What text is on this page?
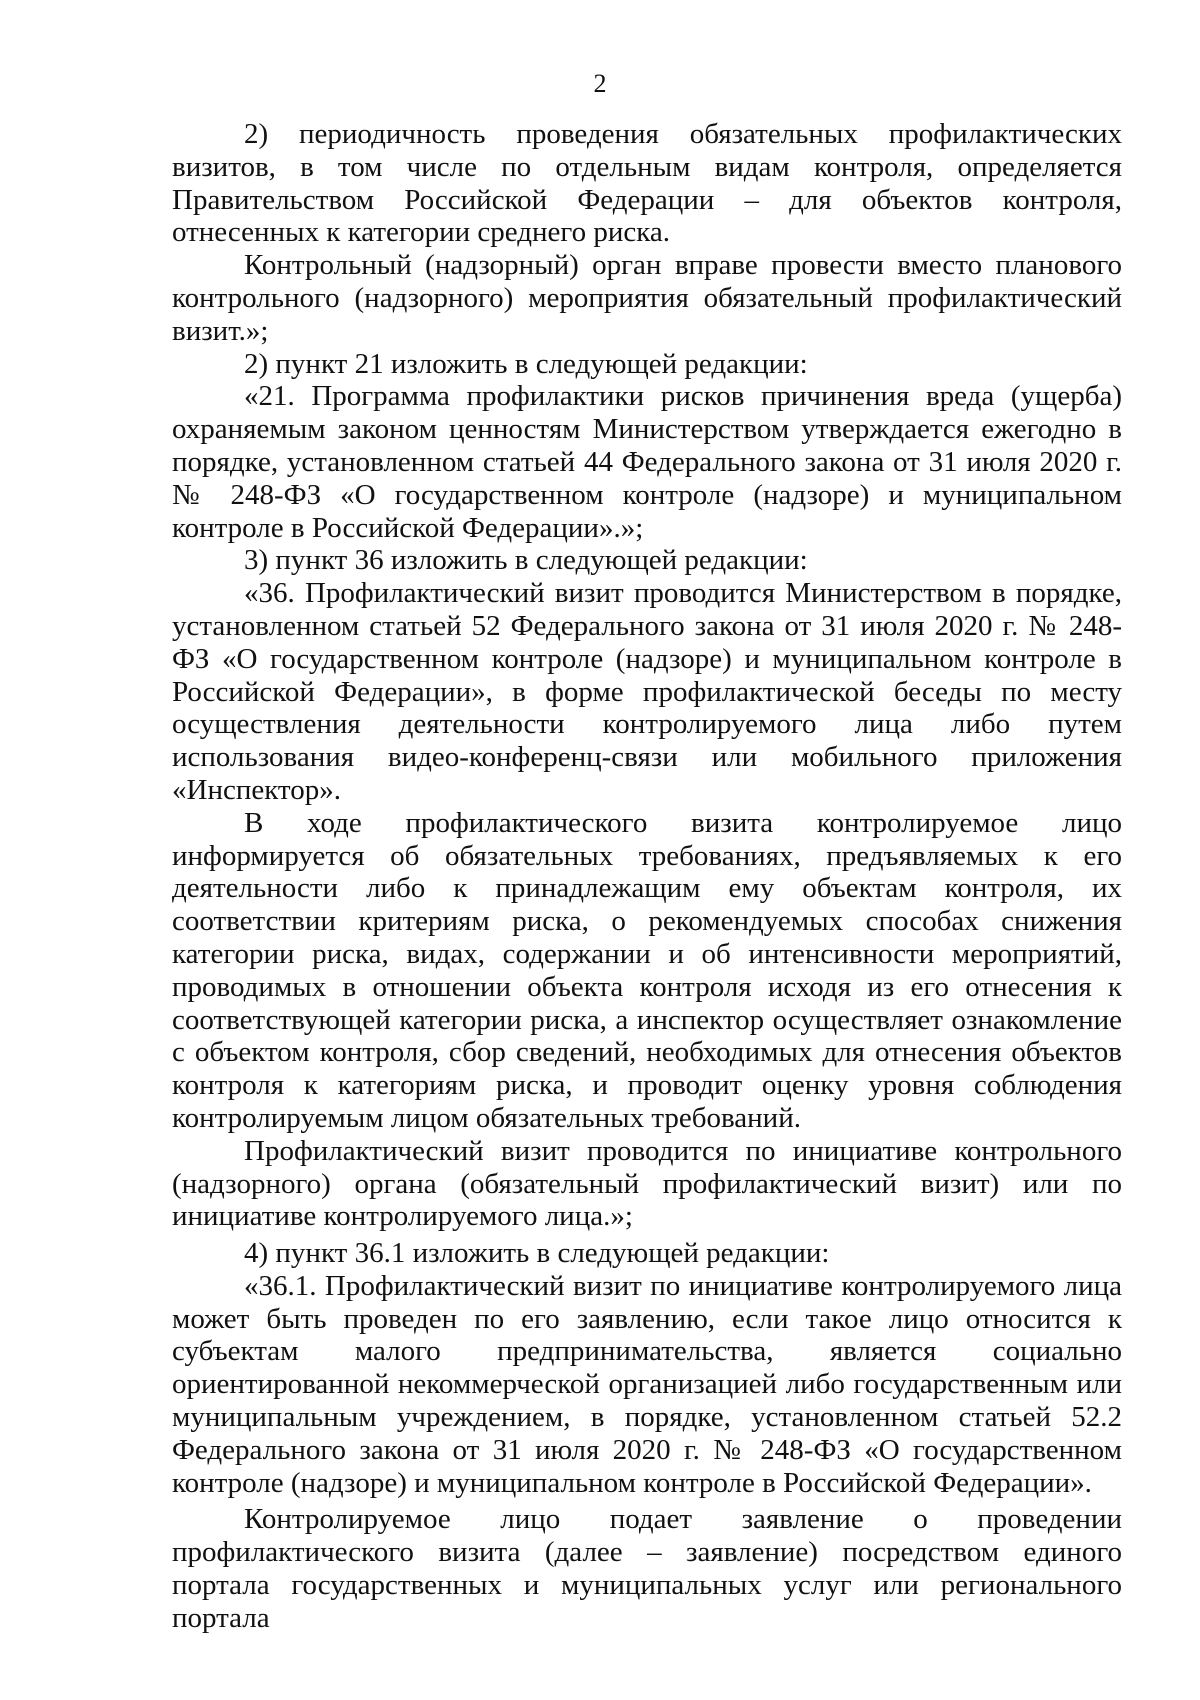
2

2) периодичность проведения обязательных профилактических визитов, в том числе по отдельным видам контроля, определяется Правительством Российской Федерации – для объектов контроля, отнесенных к категории среднего риска.

Контрольный (надзорный) орган вправе провести вместо планового контрольного (надзорного) мероприятия обязательный профилактический визит.»;

2) пункт 21 изложить в следующей редакции:

«21. Программа профилактики рисков причинения вреда (ущерба) охраняемым законом ценностям Министерством утверждается ежегодно в порядке, установленном статьей 44 Федерального закона от 31 июля 2020 г. № 248-ФЗ «О государственном контроле (надзоре) и муниципальном контроле в Российской Федерации».»;

3) пункт 36 изложить в следующей редакции:

«36. Профилактический визит проводится Министерством в порядке, установленном статьей 52 Федерального закона от 31 июля 2020 г. № 248-ФЗ «О государственном контроле (надзоре) и муниципальном контроле в Российской Федерации», в форме профилактической беседы по месту осуществления деятельности контролируемого лица либо путем использования видео-конференц-связи или мобильного приложения «Инспектор».

В ходе профилактического визита контролируемое лицо информируется об обязательных требованиях, предъявляемых к его деятельности либо к принадлежащим ему объектам контроля, их соответствии критериям риска, о рекомендуемых способах снижения категории риска, видах, содержании и об интенсивности мероприятий, проводимых в отношении объекта контроля исходя из его отнесения к соответствующей категории риска, а инспектор осуществляет ознакомление с объектом контроля, сбор сведений, необходимых для отнесения объектов контроля к категориям риска, и проводит оценку уровня соблюдения контролируемым лицом обязательных требований.

Профилактический визит проводится по инициативе контрольного (надзорного) органа (обязательный профилактический визит) или по инициативе контролируемого лица.»;

4) пункт 36.1 изложить в следующей редакции:

«36.1. Профилактический визит по инициативе контролируемого лица может быть проведен по его заявлению, если такое лицо относится к субъектам малого предпринимательства, является социально ориентированной некоммерческой организацией либо государственным или муниципальным учреждением, в порядке, установленном статьей 52.2 Федерального закона от 31 июля 2020 г. № 248-ФЗ «О государственном контроле (надзоре) и муниципальном контроле в Российской Федерации».

Контролируемое лицо подает заявление о проведении профилактического визита (далее – заявление) посредством единого портала государственных и муниципальных услуг или регионального портала
